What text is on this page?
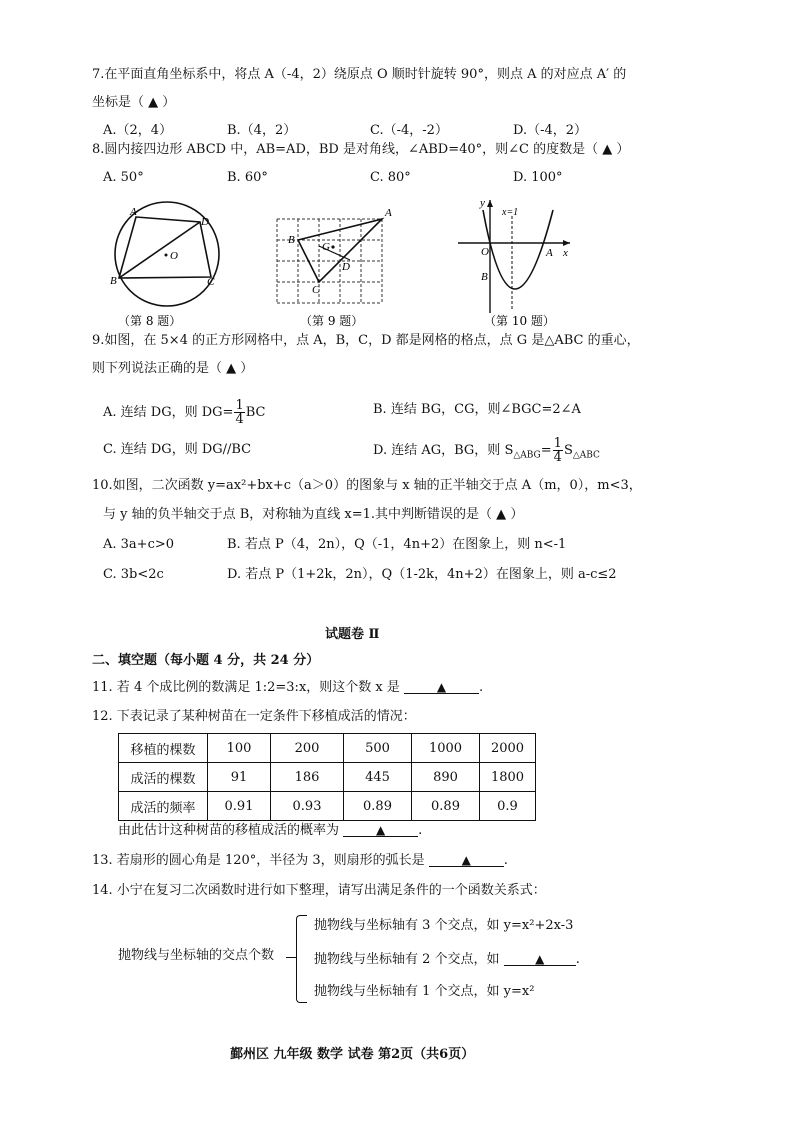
7.在平面直角坐标系中，将点 A（-4，2）绕原点 O 顺时针旋转 90°，则点 A 的对应点 A′ 的
坐标是（ ▲ ）
A.（2，4）	B.（4，2）	C.（-4，-2）	D.（-4，2）
8.圆内接四边形 ABCD 中，AB=AD，BD 是对角线，∠ABD=40°，则∠C 的度数是（ ▲ ）
A. 50°	B. 60°	C. 80°	D. 100°
A
D
B	C
O
（第 8 题）
A
B
G
D
C
（第 9 题）
y
x=1
O	A x
B
（第 10 题）
9.如图，在 5×4 的正方形网格中，点 A，B，C，D 都是网格的格点，点 G 是△ABC 的重心，
则下列说法正确的是（ ▲ ）
A. 连结 DG，则 $DG= \frac{1}{4}$ BC	B. 连结 BG，CG，则∠BGC=2∠A
C. 连结 DG，则 DG//BC	D. 连结 AG，BG，则 $S_{\triangle ABG}= \frac{1}{4} S_{\triangle ABC}$
10.如图，二次函数 y=ax²+bx+c（a＞0）的图象与 x 轴的正半轴交于点 A（m，0），m<3，
与 y 轴的负半轴交于点 B，对称轴为直线 x=1.其中判断错误的是（ ▲ ）
A. 3a+c>0	B. 若点 P（4，2n），Q（-1，4n+2）在图象上，则 n<-1
C. 3b<2c	D. 若点 P（1+2k，2n），Q（1-2k，4n+2）在图象上，则 a-c≤2
试题卷 Ⅱ
二、填空题（每小题 4 分，共 24 分）
11. 若 4 个成比例的数满足 1:2=3:x，则这个数 x 是	▲	.
12. 下表记录了某种树苗在一定条件下移植成活的情况：
移植的棵数	100	200	500	1000	2000
成活的棵数	91	186	445	890	1800
成活的频率	0.91	0.93	0.89	0.89	0.9
由此估计这种树苗的移植成活的概率为	▲	.
13. 若扇形的圆心角是 120°，半径为 3，则扇形的弧长是	▲	.
14. 小宁在复习二次函数时进行如下整理，请写出满足条件的一个函数关系式：
抛物线与坐标轴的交点个数
抛物线与坐标轴有 3 个交点，如 y=x²+2x-3
抛物线与坐标轴有 2 个交点，如	▲ .
抛物线与坐标轴有 1 个交点，如 y=x²
鄞州区 九年级 数学 试卷 第2页（共6页）
